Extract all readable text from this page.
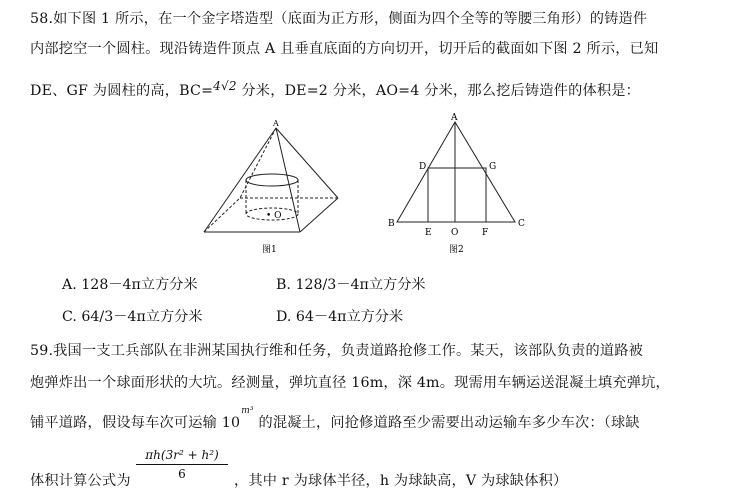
58.如下图 1 所示，在一个金字塔造型（底面为正方形，侧面为四个全等的等腰三角形）的铸造件
内部挖空一个圆柱。现沿铸造件顶点 A 且垂直底面的方向切开，切开后的截面如下图 2 所示，已知
DE、GF 为圆柱的高，BC=$^{4√2}$ 分米，DE=2 分米，AO=4 分米，那么挖后铸造件的体积是：
A
• O
图1
A
D	G
B	C
E O	F
图2
A. 128－4π立方分米	B. 128/3－4π立方分米
C. 64/3－4π立方分米	D. 64－4π立方分米
59.我国一支工兵部队在非洲某国执行维和任务，负责道路抢修工作。某天，该部队负责的道路被
炮弹炸出一个球面形状的大坑。经测量，弹坑直径 16m，深 4m。现需用车辆运送混凝土填充弹坑，
铺平道路，假设每车次可运输 $10^{m^3}$ 的混凝土，问抢修道路至少需要出动运输车多少车次：（球缺
体积计算公式为
πh(3r² + h²)
6	，其中 r 为球体半径，h 为球缺高，V 为球缺体积）
